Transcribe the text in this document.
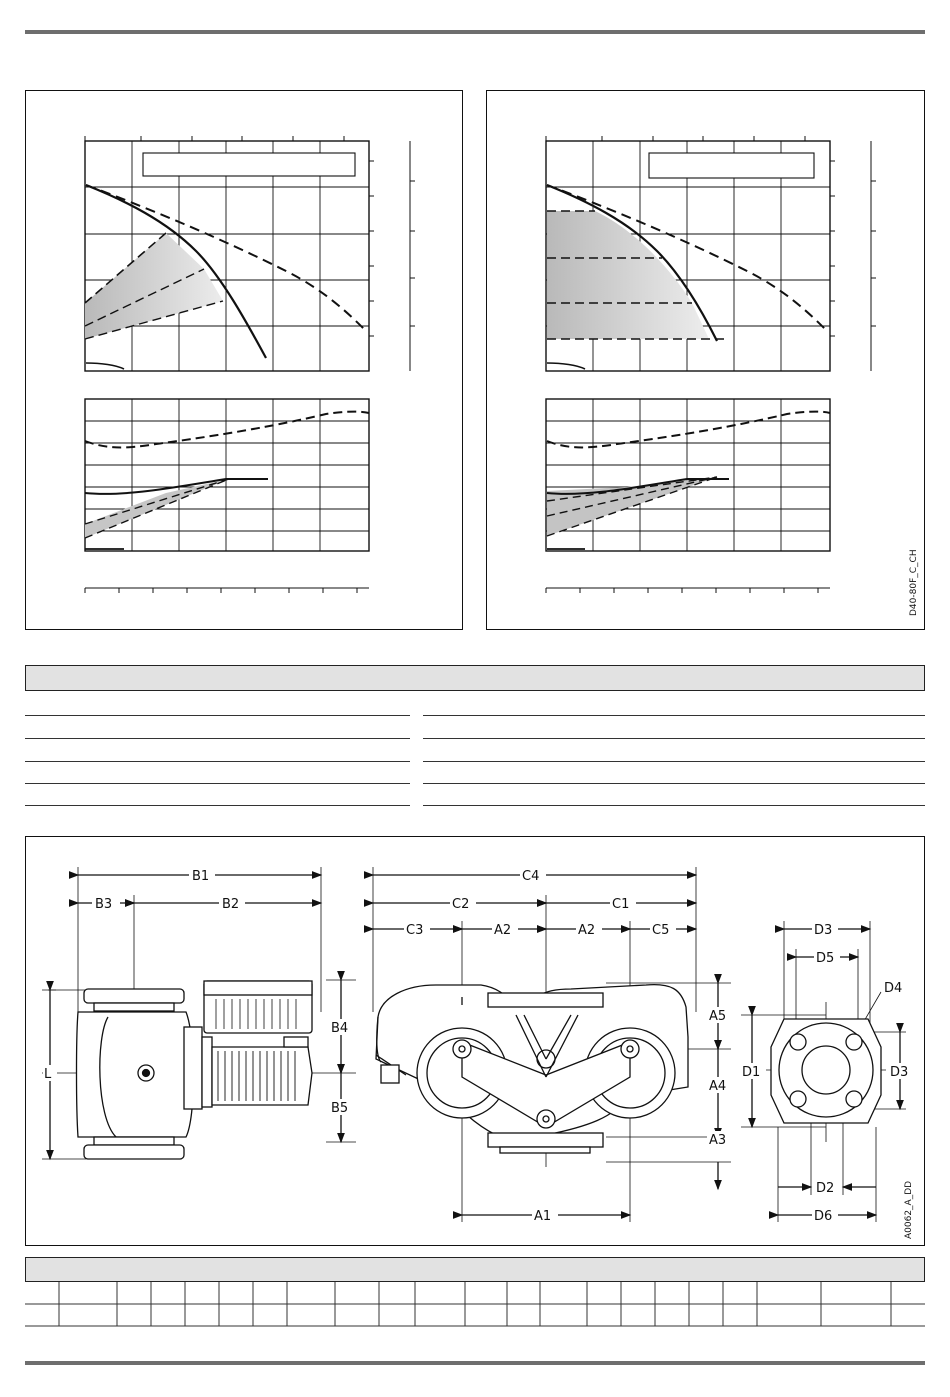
D40-80F_C_CH
B1
B3	B2
B4
B5
L
C4
C2	C1
C3	A2	A2	C5
A1
A5
A4
A3
D3
D5
D4
D1	D3
D2
D6	A0062_A_DD
